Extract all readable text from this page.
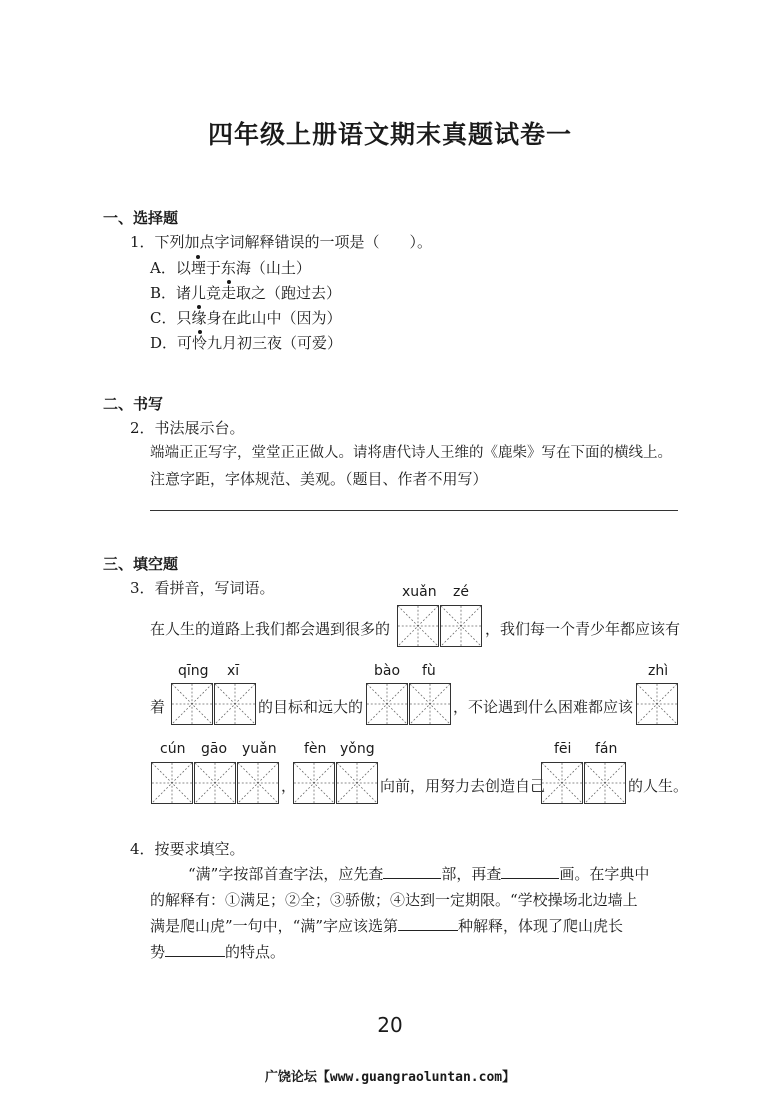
四年级上册语文期末真题试卷一
一、选择题
1．下列加点字词解释错误的一项是（　　）。
A．以堙于东海（山土）
B．诸儿竞走取之（跑过去）
C．只缘身在此山中（因为）
D．可怜九月初三夜（可爱）
二、书写
2．书法展示台。
端端正正写字，堂堂正正做人。请将唐代诗人王维的《鹿柴》写在下面的横线上。
注意字距，字体规范、美观。（题目、作者不用写）
三、填空题
3．看拼音，写词语。	xuǎn zé
在人生的道路上我们都会遇到很多的	，我们每一个青少年都应该有
qīng xī	bào fù	zhì
着	的目标和远大的	，不论遇到什么困难都应该
cún gāo yuǎn fèn yǒng	fēi fán
，	向前，用努力去创造自己	的人生。
4．按要求填空。
“满”字按部首查字法，应先查	部，再查	画。在字典中
的解释有：①满足；②全；③骄傲；④达到一定期限。“学校操场北边墙上
满是爬山虎”一句中，“满”字应该选第	种解释，体现了爬山虎长
势	的特点。
20
广饶论坛【www.guangraoluntan.com】
